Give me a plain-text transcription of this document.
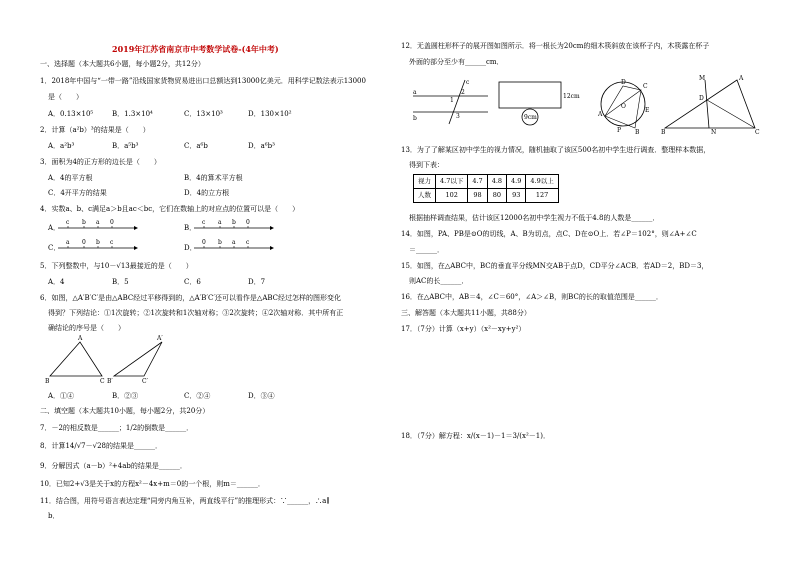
2019年江苏省南京市中考数学试卷-(4年中考)
一、选择题（本大题共6小题，每小题2分，共12分）
1．2018年中国与“一带一路”沿线国家货物贸易进出口总额达到13000亿美元．用科学记数法表示13000
是（　　）
A．0.13×10⁵	B．1.3×10⁴	C．13×10³	D．130×10²
2．计算（a²b）³的结果是（　　）
A．a²b³	B．a⁵b³	C．a⁶b	D．a⁶b³
3．面积为4的正方形的边长是（　　）
A．4的平方根	B．4的算术平方根
C．4开平方的结果	D．4的立方根
4．实数a、b、c满足a＞b且ac＜bc，它们在数轴上的对应点的位置可以是（　　）
A．	B．
C．	D．
c b a 0	c a b 0
a 0 b c	0 b a c
5．下列整数中，与10－√13最接近的是（　　）
A．4	B．5	C．6	D．7
6．如图，△A′B′C′是由△ABC经过平移得到的，△A′B′C′还可以看作是△ABC经过怎样的图形变化
得到？下列结论：①1次旋转；②1次旋转和1次轴对称；③2次旋转；④2次轴对称．其中所有正
确结论的序号是（　　）
A
B	C
A′
B′	C′
A．①④	B．②③	C．②④	D．③④
二、填空题（本大题共10小题，每小题2分，共20分）
7．－2的相反数是______；1/2的倒数是______．
8．计算14/√7－√28的结果是______．
9．分解因式（a－b）²+4ab的结果是______．
10．已知2+√3是关于x的方程x²－4x+m＝0的一个根，则m＝______．
11．结合图，用符号语言表达定理“同旁内角互补，两直线平行”的推理形式：∵______，∴a∥
b．
12．无盖圆柱形杯子的展开图如图所示．将一根长为20cm的细木筷斜放在该杯子内，木筷露在杯子
外面的部分至少有______cm．
c
a
b
1
2
3
12cm
9cm	A
B
C
D
E
P
O
M	A
D
B	C
N
13．为了了解某区初中学生的视力情况，随机抽取了该区500名初中学生进行调查．整理样本数据，
得到下表：
视力	4.7以下	4.7	4.8	4.9	4.9以上
人数	102	98	80	93	127
根据抽样调查结果，估计该区12000名初中学生视力不低于4.8的人数是______．
14．如图，PA、PB是⊙O的切线，A、B为切点，点C、D在⊙O上．若∠P＝102°，则∠A+∠C
＝______．
15．如图，在△ABC中，BC的垂直平分线MN交AB于点D，CD平分∠ACB．若AD＝2，BD＝3，
则AC的长______．
16．在△ABC中，AB＝4，∠C＝60°，∠A＞∠B，则BC的长的取值范围是______．
三、解答题（本大题共11小题，共88分）
17．（7分）计算（x+y）（x²－xy+y²）
18．（7分）解方程：x/(x－1)－1＝3/(x²－1)．
